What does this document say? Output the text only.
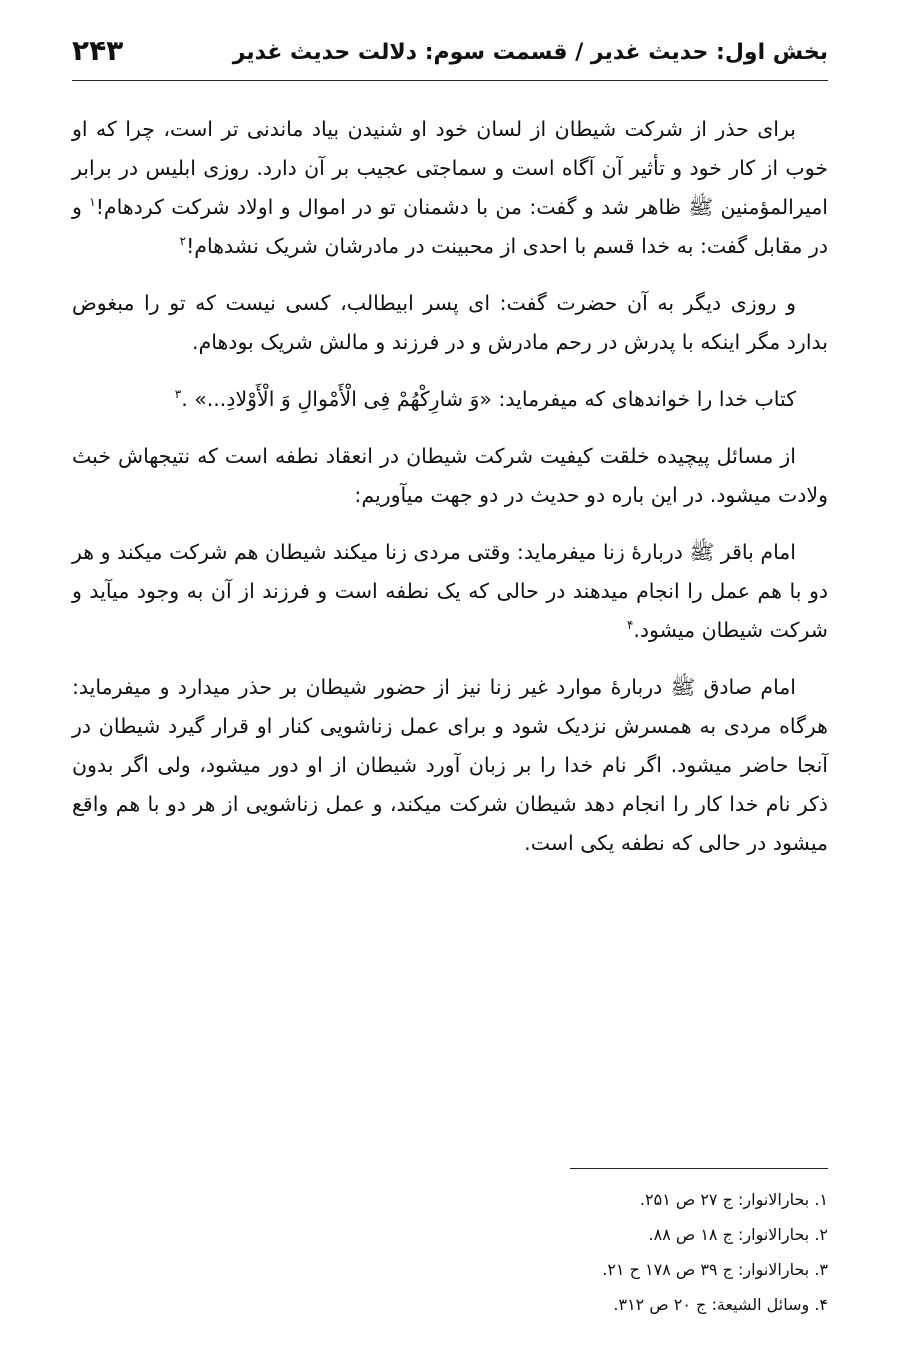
بخش اول: حدیث غدیر / قسمت سوم: دلالت حدیث غدیر
۲۴۳

برای حذر از شرکت شیطان از لسان خود او شنیدن بیاد ماندنی تر است، چرا که او خوب از کار خود و تأثیر آن آگاه است و سماجتی عجیب بر آن دارد. روزی ابلیس در برابر امیرالمؤمنین ﷺ ظاهر شد و گفت: من با دشمنان تو در اموال و اولاد شرکت کردهام!$^۱$ و در مقابل گفت: به خدا قسم با احدی از محبینت در مادرشان شریک نشدهام!$^۲$

و روزی دیگر به آن حضرت گفت: ای پسر ابیطالب، کسی نیست که تو را مبغوض بدارد مگر اینکه با پدرش در رحم مادرش و در فرزند و مالش شریک بودهام.

کتاب خدا را خواندهای که میفرماید: «وَ شارِکْهُمْ فِی الْأَمْوالِ وَ الْأَوْلادِ...» .$^۳$

از مسائل پیچیده خلقت کیفیت شرکت شیطان در انعقاد نطفه است که نتیجهاش خبث ولادت میشود. در این باره دو حدیث در دو جهت میآوریم:

امام باقر ﷺ دربارهٔ زنا میفرماید: وقتی مردی زنا میکند شیطان هم شرکت میکند و هر دو با هم عمل را انجام میدهند در حالی که یک نطفه است و فرزند از آن به وجود میآید و شرکت شیطان میشود.$^۴$

امام صادق ﷺ دربارهٔ موارد غیر زنا نیز از حضور شیطان بر حذر میدارد و میفرماید: هرگاه مردی به همسرش نزدیک شود و برای عمل زناشویی کنار او قرار گیرد شیطان در آنجا حاضر میشود. اگر نام خدا را بر زبان آورد شیطان از او دور میشود، ولی اگر بدون ذکر نام خدا کار را انجام دهد شیطان شرکت میکند، و عمل زناشویی از هر دو با هم واقع میشود در حالی که نطفه یکی است.

۱. بحارالانوار: ج ۲۷ ص ۲۵۱.
۲. بحارالانوار: ج ۱۸ ص ۸۸.
۳. بحارالانوار: ج ۳۹ ص ۱۷۸ ح ۲۱.
۴. وسائل الشیعة: ج ۲۰ ص ۳۱۲.
